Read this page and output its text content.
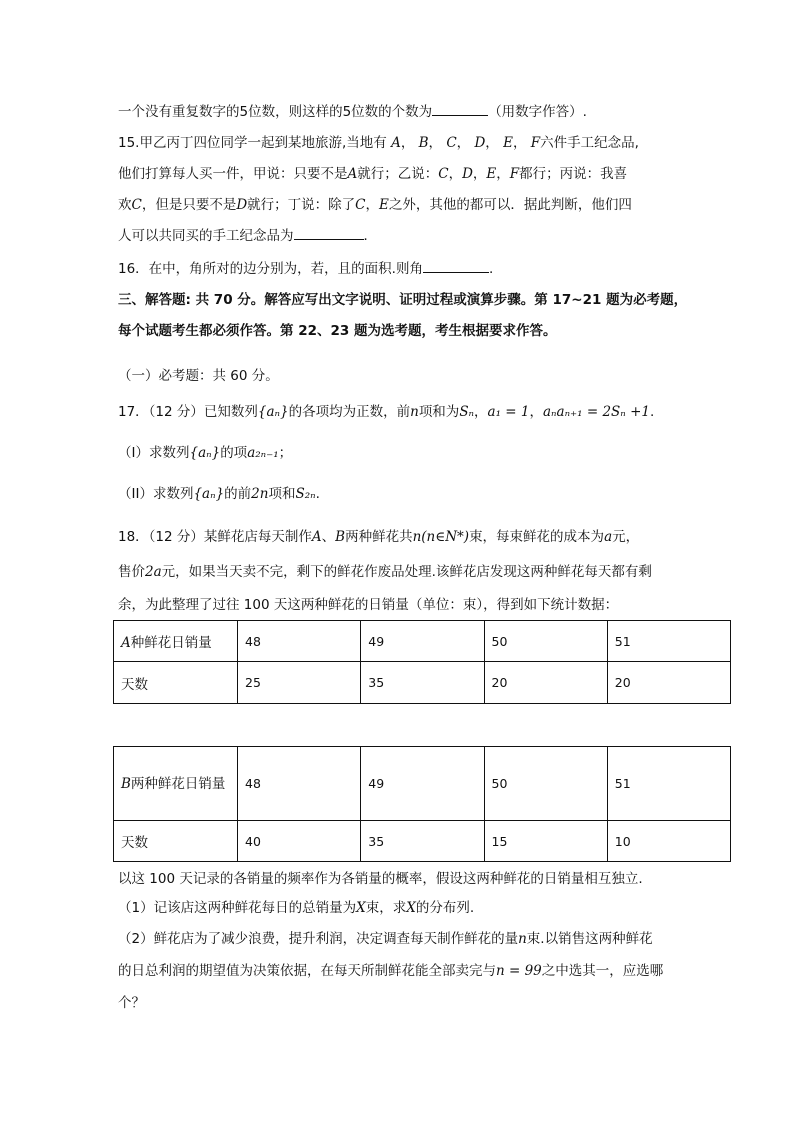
一个没有重复数字的5位数，则这样的5位数的个数为	（用数字作答）.
15.甲乙丙丁四位同学一起到某地旅游,当地有 A， B， C， D， E， F六件手工纪念品,
他们打算每人买一件，甲说：只要不是A就行；乙说：C，D，E，F都行；丙说：我喜
欢C，但是只要不是D就行；丁说：除了C，E之外，其他的都可以．据此判断，他们四
人可以共同买的手工纪念品为	．
16．在中，角所对的边分别为，若，且的面积.则角	.
三、解答题: 共 70 分。解答应写出文字说明、证明过程或演算步骤。第 17~21 题为必考题，
每个试题考生都必须作答。第 22、23 题为选考题，考生根据要求作答。
（一）必考题：共 60 分。
17．（12 分）已知数列{aₙ}的各项均为正数，前n项和为Sₙ，a₁ = 1，aₙaₙ₊₁ = 2Sₙ +1.
（I）求数列{aₙ}的项a₂ₙ₋₁；
（II）求数列{aₙ}的前2n项和S₂ₙ.
18．（12 分）某鲜花店每天制作A、B两种鲜花共n(n∈N*)束，每束鲜花的成本为a元，
售价2a元，如果当天卖不完，剩下的鲜花作废品处理.该鲜花店发现这两种鲜花每天都有剩
余，为此整理了过往 100 天这两种鲜花的日销量（单位：束），得到如下统计数据：
A种鲜花日销量	48	49	50	51
天数	25	35	20	20
B两种鲜花日销量	48	49	50	51
天数	40	35	15	10
以这 100 天记录的各销量的频率作为各销量的概率，假设这两种鲜花的日销量相互独立.
（1）记该店这两种鲜花每日的总销量为X束，求X的分布列.
（2）鲜花店为了减少浪费，提升利润，决定调查每天制作鲜花的量n束.以销售这两种鲜花
的日总利润的期望值为决策依据，在每天所制鲜花能全部卖完与n = 99之中选其一，应选哪
个？
